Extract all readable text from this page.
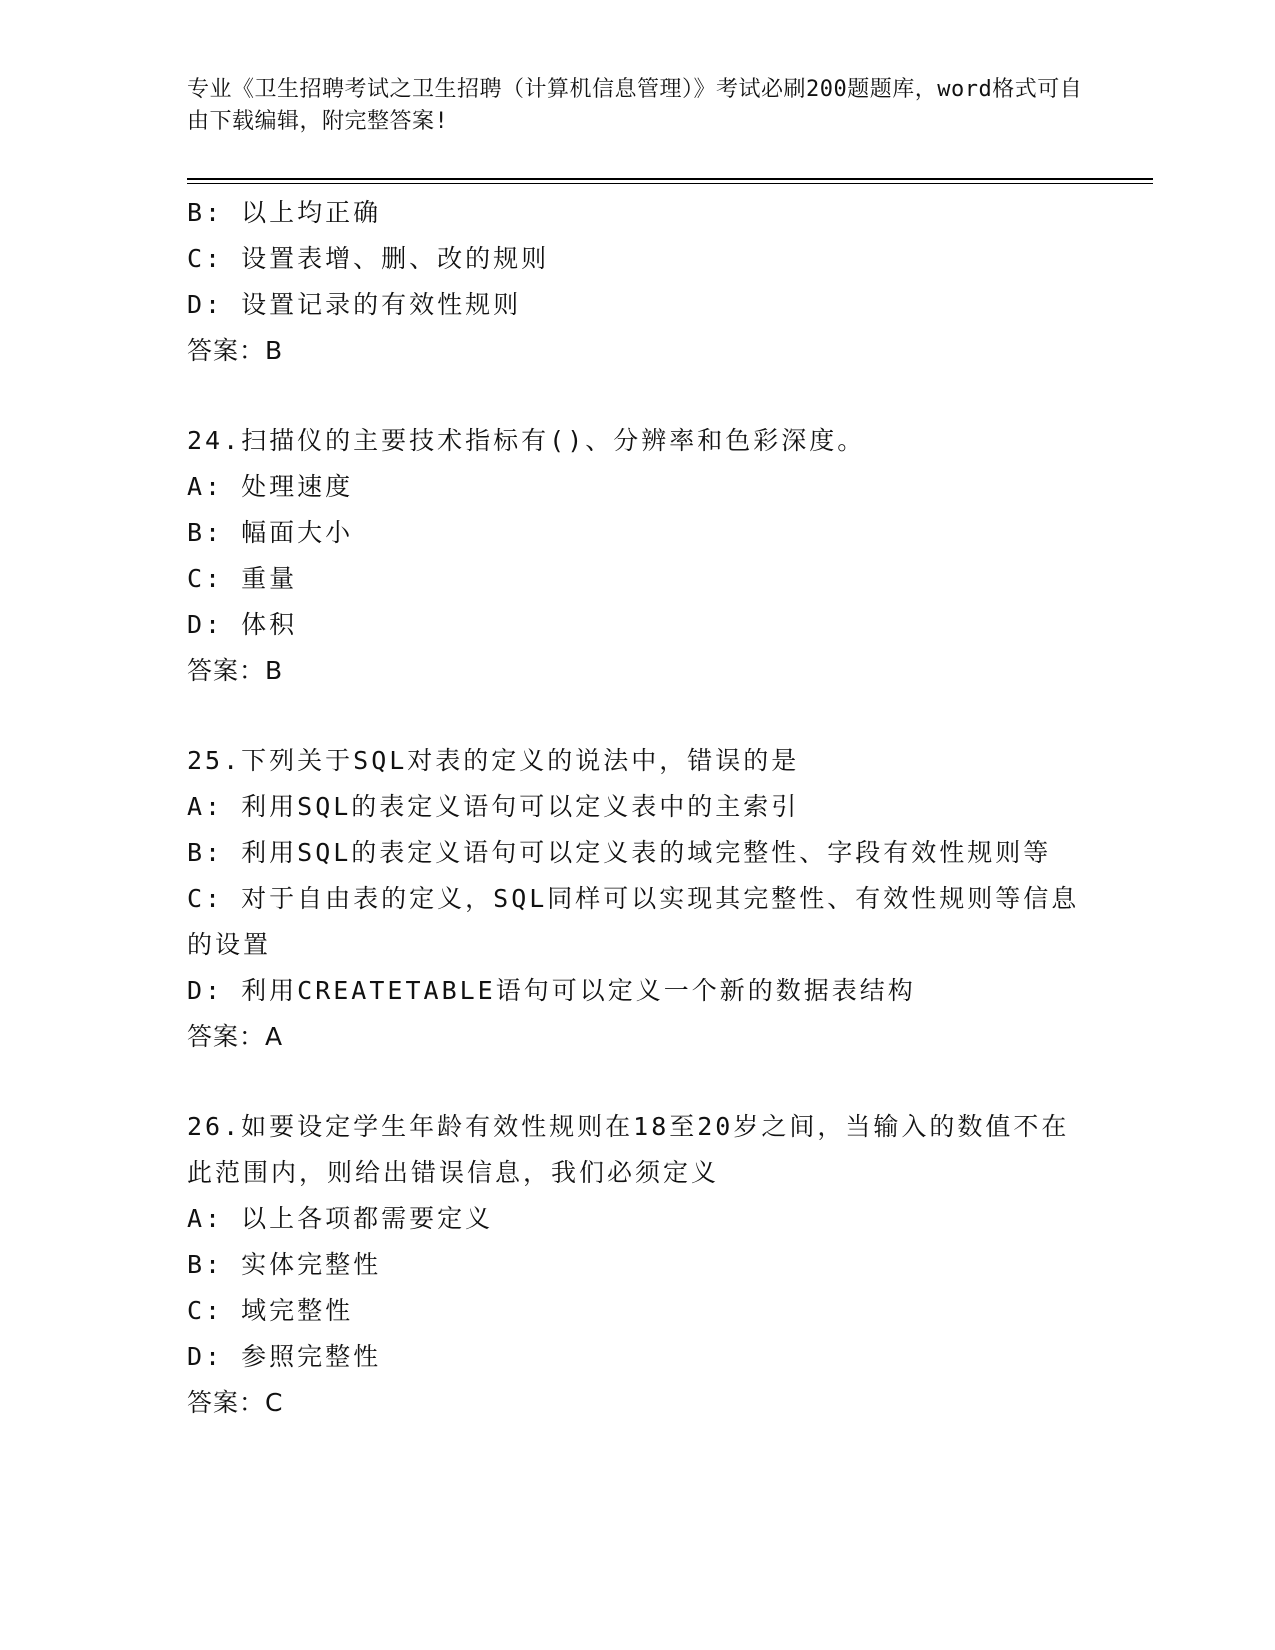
专业《卫生招聘考试之卫生招聘（计算机信息管理）》考试必刷200题题库，word格式可自由下载编辑，附完整答案!
B: 以上均正确
C: 设置表增、删、改的规则
D: 设置记录的有效性规则
答案：B
24.扫描仪的主要技术指标有()、分辨率和色彩深度。
A: 处理速度
B: 幅面大小
C: 重量
D: 体积
答案：B
25.下列关于SQL对表的定义的说法中，错误的是
A: 利用SQL的表定义语句可以定义表中的主索引
B: 利用SQL的表定义语句可以定义表的域完整性、字段有效性规则等
C: 对于自由表的定义，SQL同样可以实现其完整性、有效性规则等信息的设置
D: 利用CREATETABLE语句可以定义一个新的数据表结构
答案：A
26.如要设定学生年龄有效性规则在18至20岁之间，当输入的数值不在此范围内，则给出错误信息，我们必须定义
A: 以上各项都需要定义
B: 实体完整性
C: 域完整性
D: 参照完整性
答案：C
